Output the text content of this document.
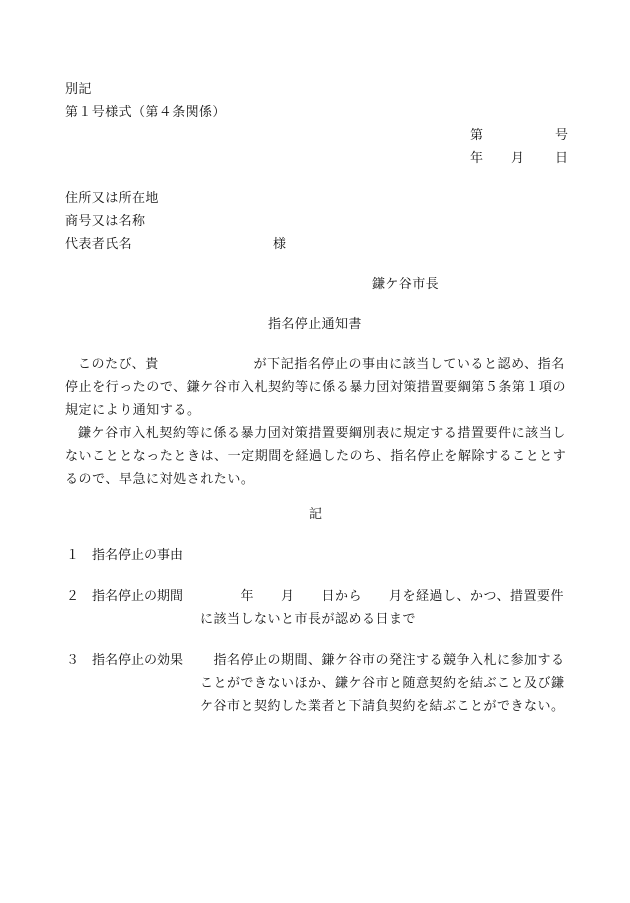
別記
第１号様式（第４条関係）
第	号
年 月 日
住所又は所在地
商号又は名称
代表者氏名	様
鎌ケ谷市長
指名停止通知書

このたび、貴　　　　　　　が下記指名停止の事由に該当していると認め、指名停止を行ったので、鎌ケ谷市入札契約等に係る暴力団対策措置要綱第５条第１項の規定により通知する。

鎌ケ谷市入札契約等に係る暴力団対策措置要綱別表に規定する措置要件に該当しないこととなったときは、一定期間を経過したのち、指名停止を解除することとするので、早急に対処されたい。

記
１ 指名停止の事由
２ 指名停止の期間 　　　年　　月　　日から　　月を経過し、かつ、措置要件に該当しないと市長が認める日まで
３ 指名停止の効果 　指名停止の期間、鎌ケ谷市の発注する競争入札に参加することができないほか、鎌ケ谷市と随意契約を結ぶこと及び鎌ケ谷市と契約した業者と下請負契約を結ぶことができない。
